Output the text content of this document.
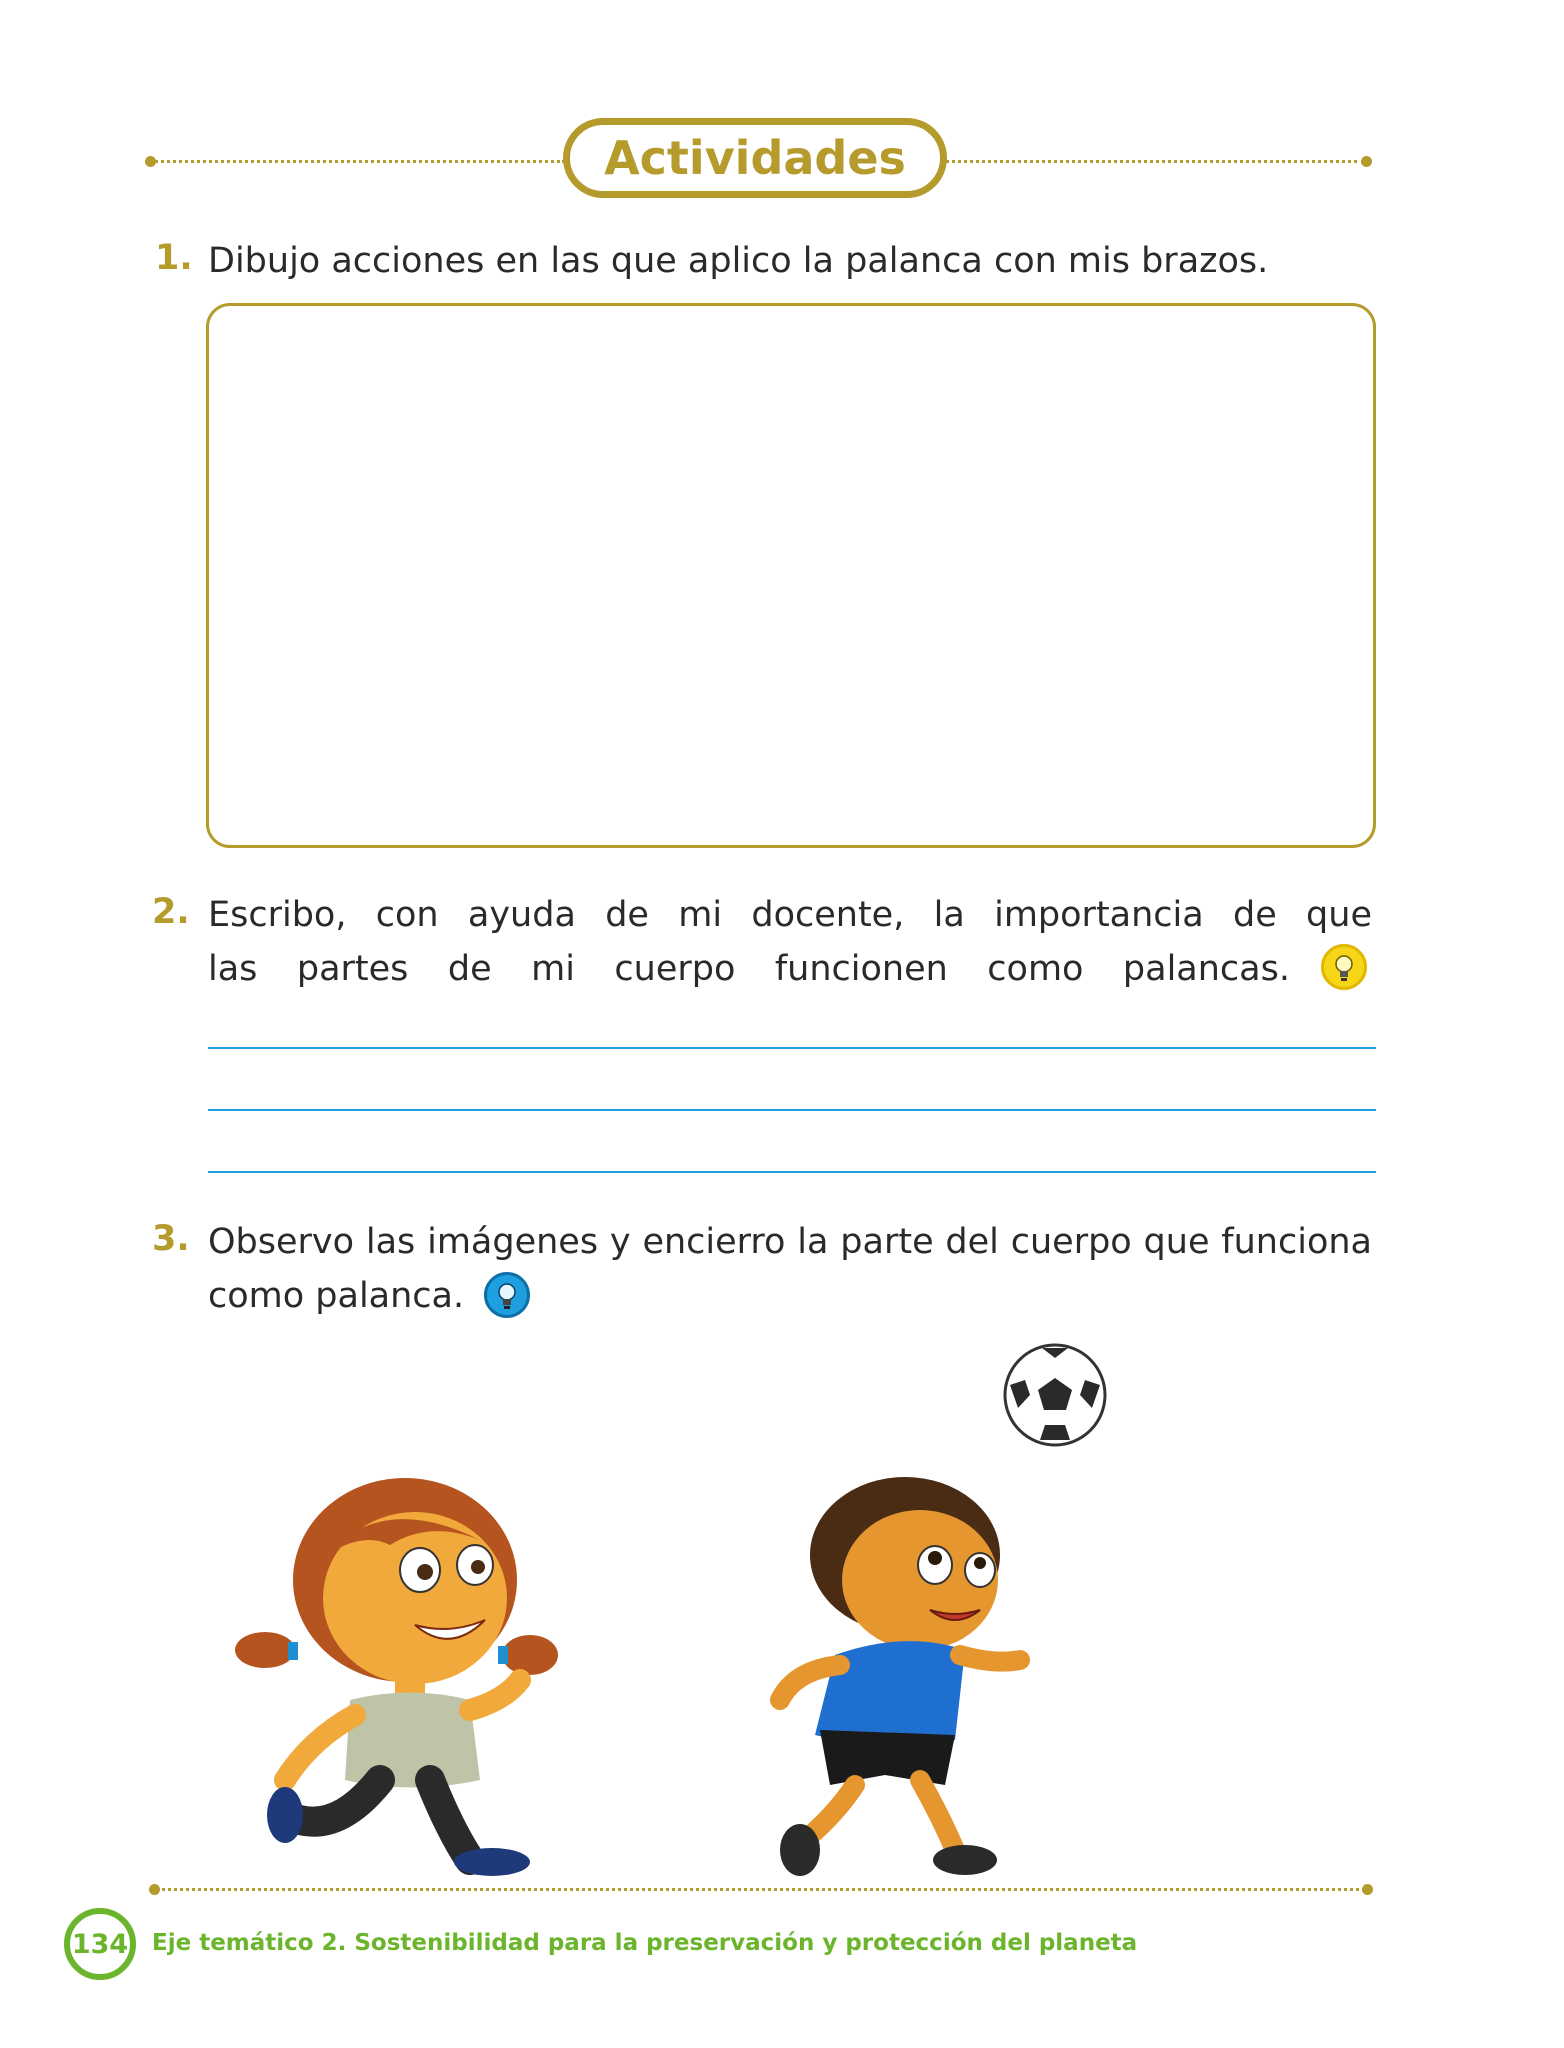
Actividades
1. Dibujo acciones en las que aplico la palanca con mis brazos.
2. Escribo, con ayuda de mi docente, la importancia de que
las partes de mi cuerpo funcionen como palancas.
3. Observo las imágenes y encierro la parte del cuerpo que funciona
como palanca.
134	Eje temático 2. Sostenibilidad para la preservación y protección del planeta
